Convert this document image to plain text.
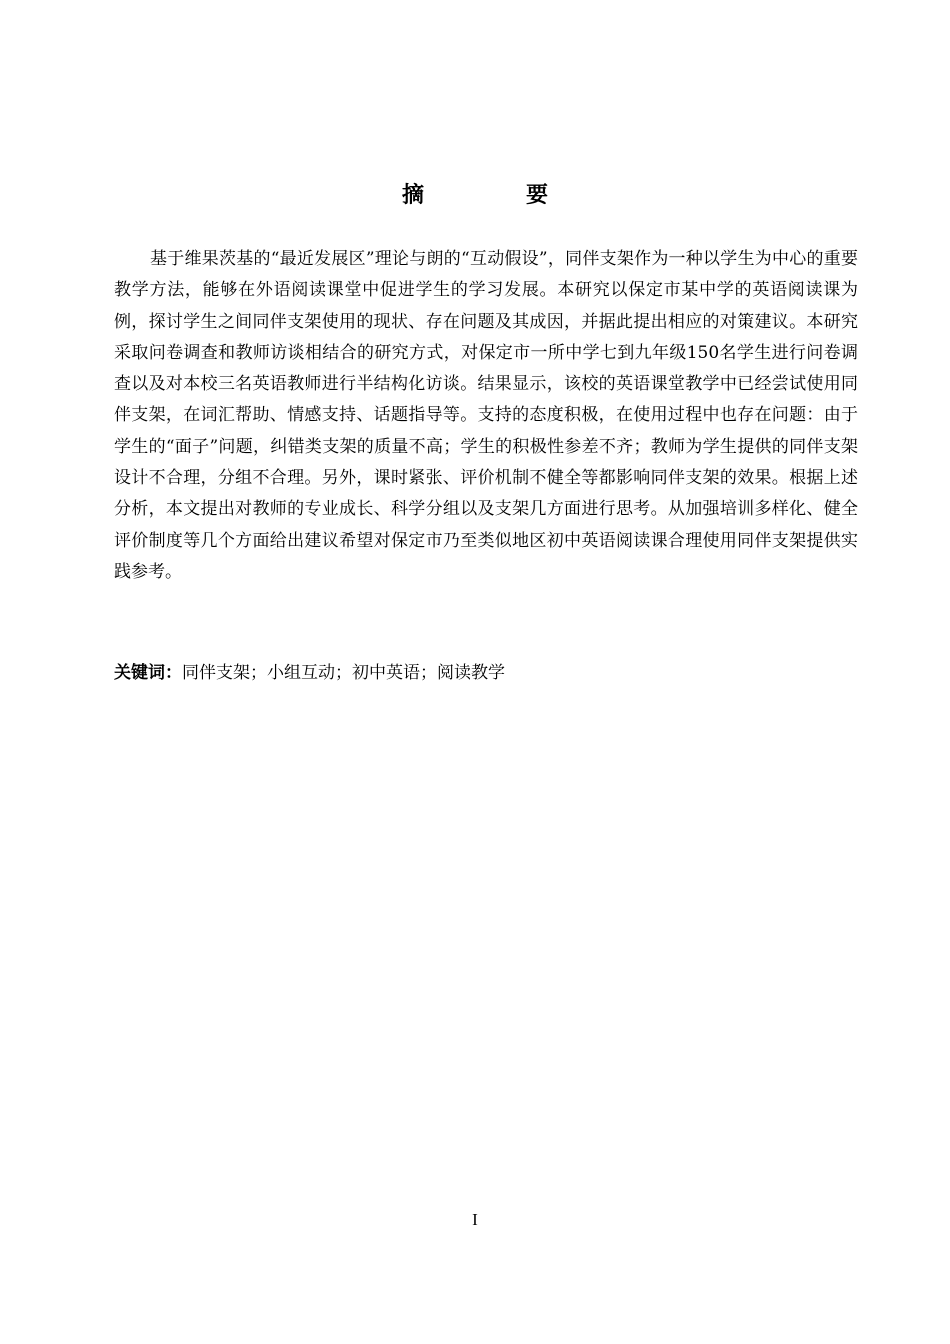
摘　要

基于维果茨基的“最近发展区”理论与朗的“互动假设”，同伴支架作为一种以学生为中心的重要教学方法，能够在外语阅读课堂中促进学生的学习发展。本研究以保定市某中学的英语阅读课为例，探讨学生之间同伴支架使用的现状、存在问题及其成因，并据此提出相应的对策建议。本研究采取问卷调查和教师访谈相结合的研究方式，对保定市一所中学七到九年级150名学生进行问卷调查以及对本校三名英语教师进行半结构化访谈。结果显示，该校的英语课堂教学中已经尝试使用同伴支架，在词汇帮助、情感支持、话题指导等。支持的态度积极，在使用过程中也存在问题：由于学生的“面子”问题，纠错类支架的质量不高；学生的积极性参差不齐；教师为学生提供的同伴支架设计不合理，分组不合理。另外，课时紧张、评价机制不健全等都影响同伴支架的效果。根据上述分析，本文提出对教师的专业成长、科学分组以及支架几方面进行思考。从加强培训多样化、健全评价制度等几个方面给出建议希望对保定市乃至类似地区初中英语阅读课合理使用同伴支架提供实践参考。

关键词：同伴支架；小组互动；初中英语；阅读教学

I
